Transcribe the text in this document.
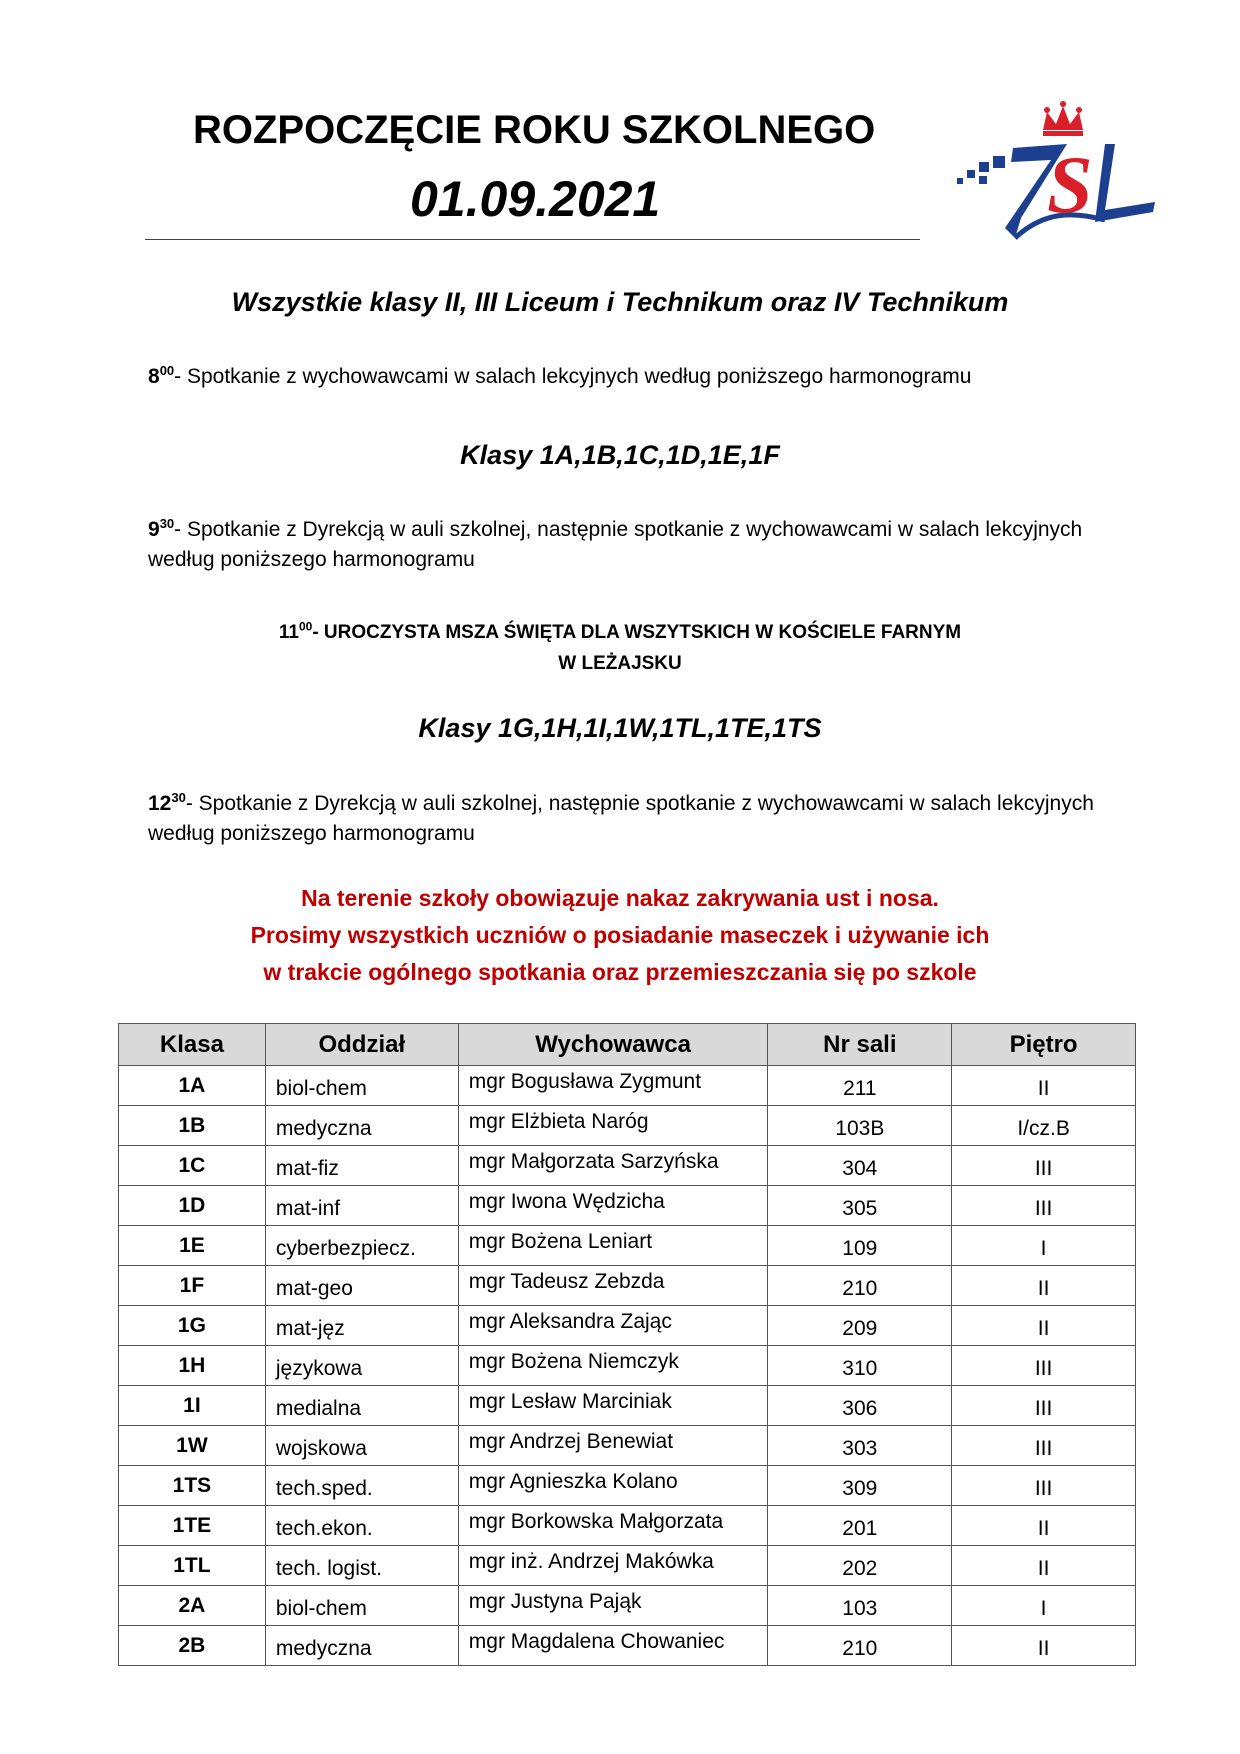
ROZPOCZĘCIE ROKU SZKOLNEGO
01.09.2021	S
Wszystkie klasy II, III Liceum i Technikum oraz IV Technikum
$8^{00}-$ Spotkanie z wychowawcami w salach lekcyjnych według poniższego harmonogramu
Klasy 1A,1B,1C,1D,1E,1F
$9^{30}-$ Spotkanie z Dyrekcją w auli szkolnej, następnie spotkanie z wychowawcami w salach lekcyjnych według poniższego harmonogramu
$11^{00}-$ UROCZYSTA MSZA ŚWIĘTA DLA WSZYTSKICH W KOŚCIELE FARNYM
W LEŻAJSKU
Klasy 1G,1H,1I,1W,1TL,1TE,1TS
$12^{30}-$ Spotkanie z Dyrekcją w auli szkolnej, następnie spotkanie z wychowawcami w salach lekcyjnych według poniższego harmonogramu
Na terenie szkoły obowiązuje nakaz zakrywania ust i nosa.
Prosimy wszystkich uczniów o posiadanie maseczek i używanie ich
w trakcie ogólnego spotkania oraz przemieszczania się po szkole
Klasa	Oddział	Wychowawca	Nr sali	Piętro
1A	biol-chem	mgr Bogusława Zygmunt	211	II
1B	medyczna	mgr Elżbieta Naróg	103B	I/cz.B
1C	mat-fiz	mgr Małgorzata Sarzyńska	304	III
1D	mat-inf	mgr Iwona Wędzicha	305	III
1E	cyberbezpiecz.	mgr Bożena Leniart	109	I
1F	mat-geo	mgr Tadeusz Zebzda	210	II
1G	mat-jęz	mgr Aleksandra Zając	209	II
1H	językowa	mgr Bożena Niemczyk	310	III
1I	medialna	mgr Lesław Marciniak	306	III
1W	wojskowa	mgr Andrzej Benewiat	303	III
1TS	tech.sped.	mgr Agnieszka Kolano	309	III
1TE	tech.ekon.	mgr Borkowska Małgorzata	201	II
1TL	tech. logist.	mgr inż. Andrzej Makówka	202	II
2A	biol-chem	mgr Justyna Pająk	103	I
2B	medyczna	mgr Magdalena Chowaniec	210	II
